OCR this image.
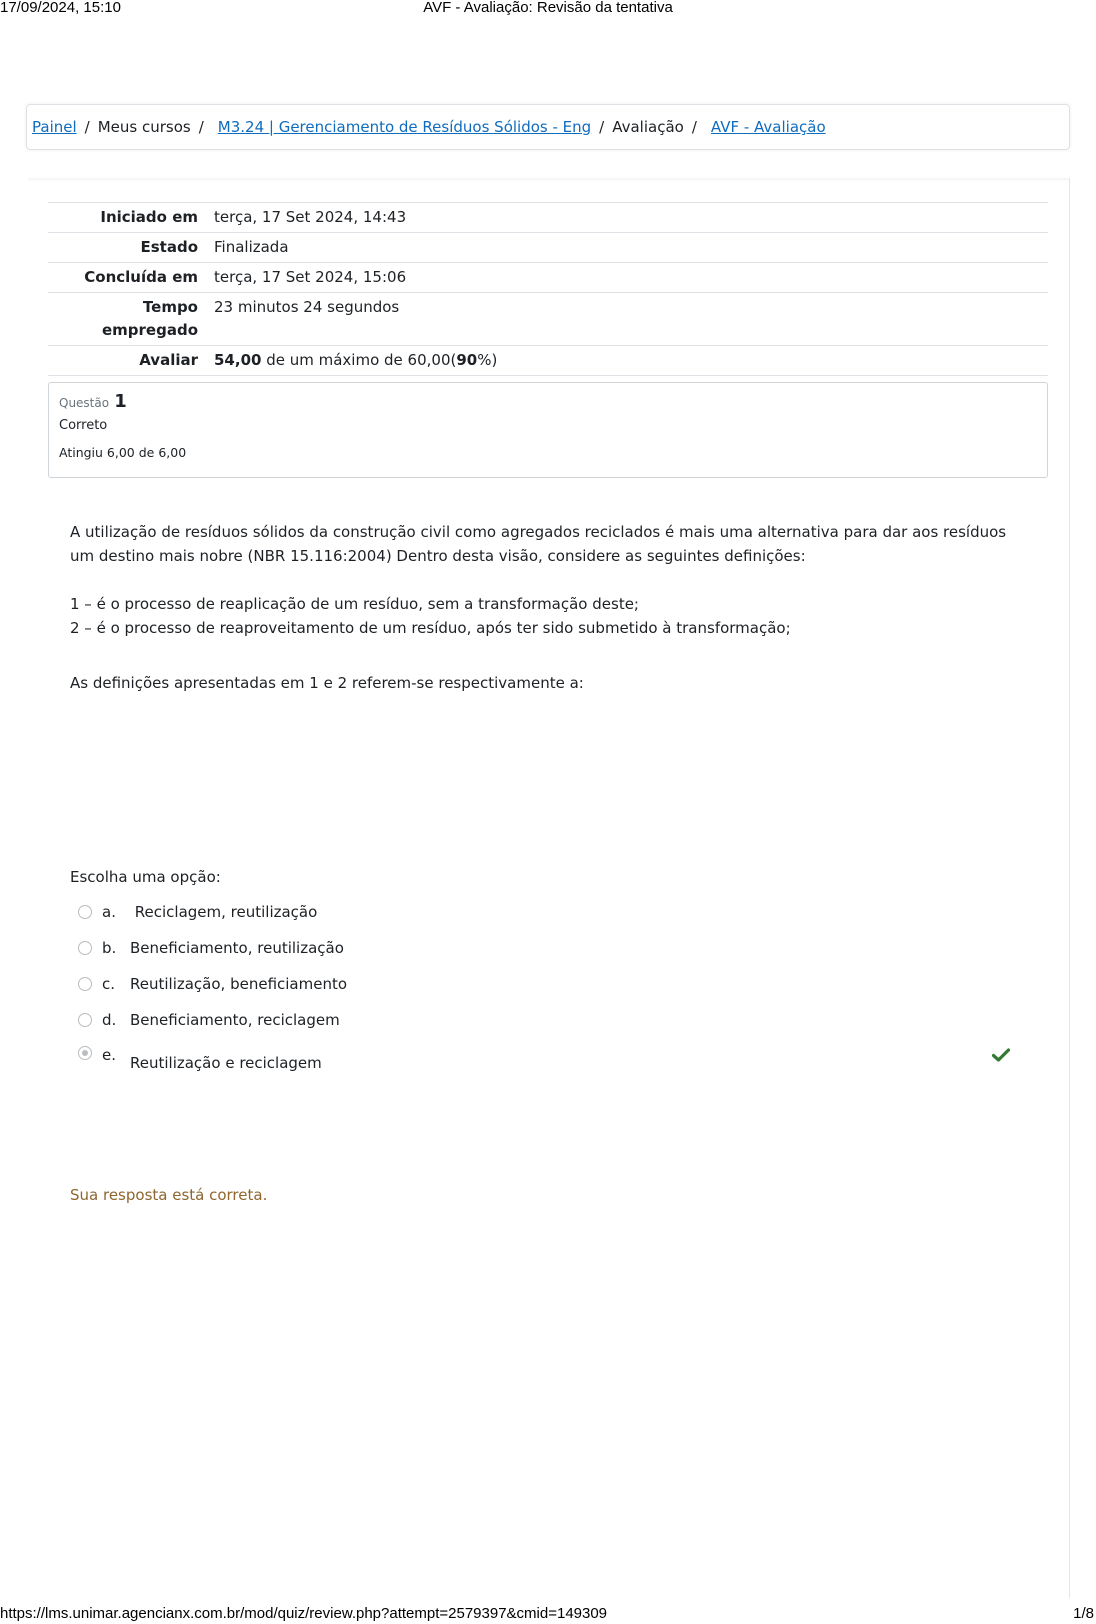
17/09/2024, 15:10	AVF - Avaliação: Revisão da tentativa
Painel / Meus cursos / M3.24 | Gerenciamento de Resíduos Sólidos - Eng / Avaliação / AVF - Avaliação
Iniciado em	terça, 17 Set 2024, 14:43
Estado	Finalizada
Concluída em	terça, 17 Set 2024, 15:06
Tempo empregado	23 minutos 24 segundos
Avaliar	54,00 de um máximo de 60,00(90%)
Questão 1
Correto
Atingiu 6,00 de 6,00

A utilização de resíduos sólidos da construção civil como agregados reciclados é mais uma alternativa para dar aos resíduos um destino mais nobre (NBR 15.116:2004) Dentro desta visão, considere as seguintes definições:

1 – é o processo de reaplicação de um resíduo, sem a transformação deste;

2 – é o processo de reaproveitamento de um resíduo, após ter sido submetido à transformação;

As definições apresentadas em 1 e 2 referem-se respectivamente a:

Escolha uma opção:
a. Reciclagem, reutilização
b. Beneficiamento, reutilização
c. Reutilização, beneficiamento
d. Beneficiamento, reciclagem
e. Reutilização e reciclagem
Sua resposta está correta.
https://lms.unimar.agencianx.com.br/mod/quiz/review.php?attempt=2579397&cmid=149309	1/8
